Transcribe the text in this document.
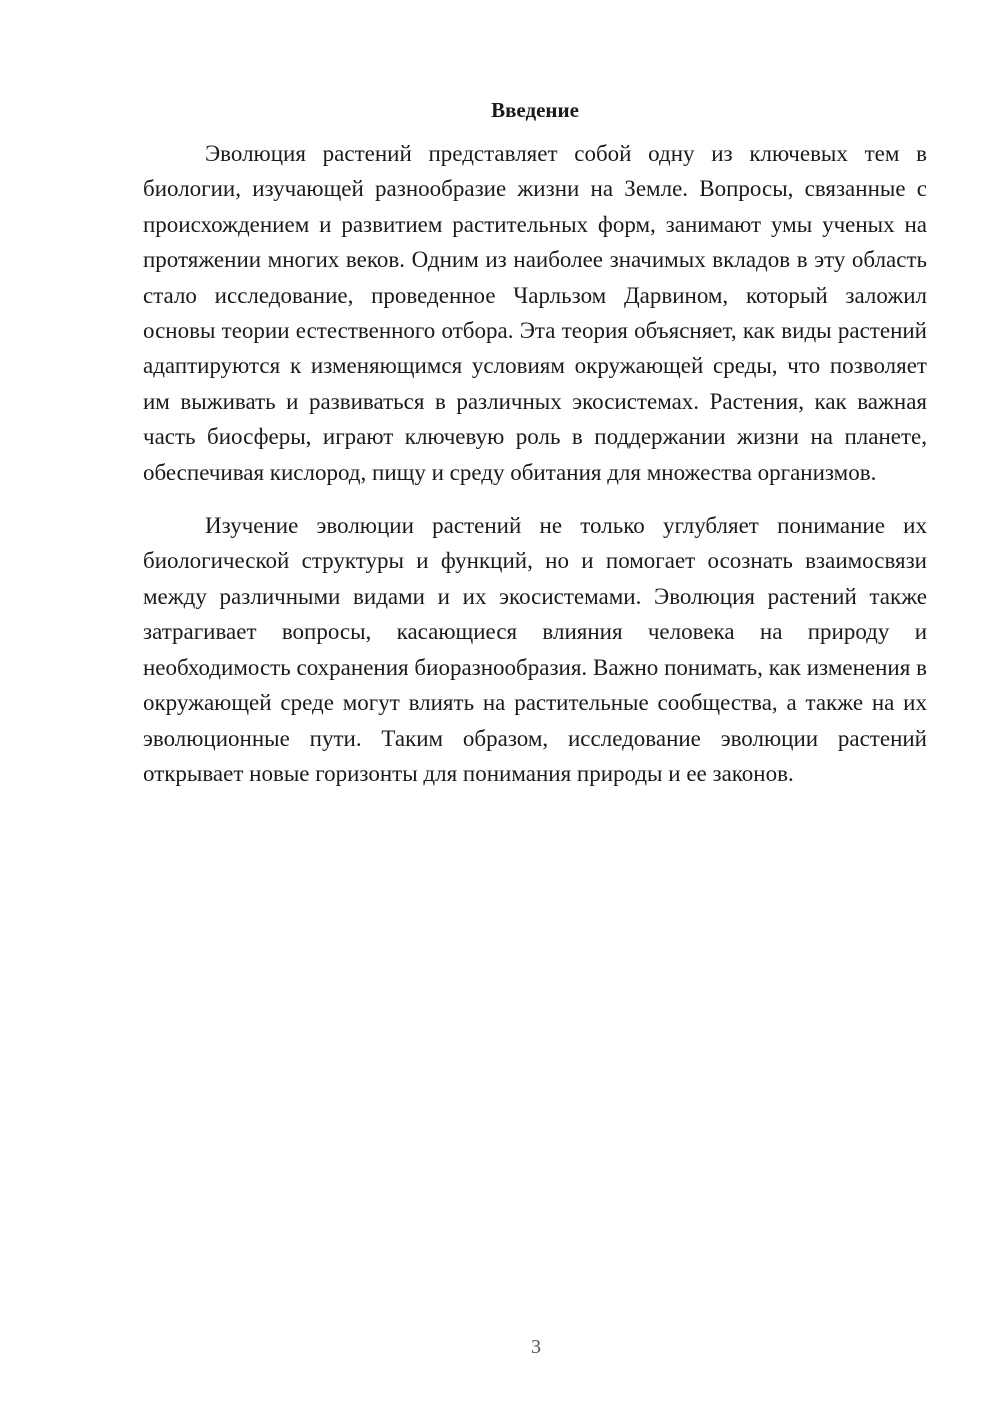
Введение

Эволюция растений представляет собой одну из ключевых тем в биологии, изучающей разнообразие жизни на Земле. Вопросы, связанные с происхождением и развитием растительных форм, занимают умы ученых на протяжении многих веков. Одним из наиболее значимых вкладов в эту область стало исследование, проведенное Чарльзом Дарвином, который заложил основы теории естественного отбора. Эта теория объясняет, как виды растений адаптируются к изменяющимся условиям окружающей среды, что позволяет им выживать и развиваться в различных экосистемах. Растения, как важная часть биосферы, играют ключевую роль в поддержании жизни на планете, обеспечивая кислород, пищу и среду обитания для множества организмов.

Изучение эволюции растений не только углубляет понимание их биологической структуры и функций, но и помогает осознать взаимосвязи между различными видами и их экосистемами. Эволюция растений также затрагивает вопросы, касающиеся влияния человека на природу и необходимость сохранения биоразнообразия. Важно понимать, как изменения в окружающей среде могут влиять на растительные сообщества, а также на их эволюционные пути. Таким образом, исследование эволюции растений открывает новые горизонты для понимания природы и ее законов.

3
